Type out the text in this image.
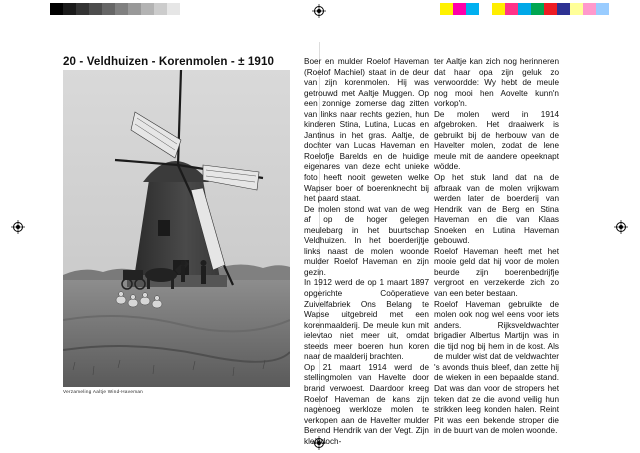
20 - Veldhuizen - Korenmolen - ± 1910
Verzameling Aaltje Wind-Haveman

Boer en mulder Roelof Haveman (Roelof Machiel) staat in de deur van zijn korenmolen. Hij was getrouwd met Aaltje Muggen. Op een zonnige zomerse dag zitten van links naar rechts gezien, hun kinderen Stina, Lutina, Lucas en Jantinus in het gras. Aaltje, de dochter van Lucas Haveman en Roelofje Barelds en de huidige eigenares van deze echt unieke foto heeft nooit geweten welke Wapser boer of boerenknecht bij het paard staat.

De molen stond wat van de weg af op de hoger gelegen meulebarg in het buurtschap Veldhuizen. In het boerderijtje links naast de molen woonde mulder Roelof Haveman en zijn gezin.

In 1912 werd de op 1 maart 1897 opgerichte Coöperatieve Zuivelfabriek Ons Belang te Wapse uitgebreid met een korenmaalderij. De meule kun mit ielevtao niet meer uit, omdat steeds meer boeren hun koren naar de maalderij brachten.

Op 21 maart 1914 werd de stellingmolen van Havelte door brand verwoest. Daardoor kreeg Roelof Haveman de kans zijn nagenoeg werkloze molen te verkopen aan de Havelter mulder Berend Hendrik van der Vegt. Zijn kleindoch-

ter Aaltje kan zich nog herinneren dat haar opa zijn geluk zo verwoordde: Wy hebt de meule nog mooi hen Aovelte kunn'n vorkop'n.

De molen werd in 1914 afgebroken. Het draaiwerk is gebruikt bij de herbouw van de Havelter molen, zodat de lene meule mit de aandere opeeknapt wödde.

Op het stuk land dat na de afbraak van de molen vrijkwam werden later de boerderij van Hendrik van de Berg en Stina Haveman en die van Klaas Snoeken en Lutina Haveman gebouwd.

Roelof Haveman heeft met het mooie geld dat hij voor de molen beurde zijn boerenbedrijfje vergroot en verzekerde zich zo van een beter bestaan.

Roelof Haveman gebruikte de molen ook nog wel eens voor iets anders. Rijksveldwachter brigadier Albertus Martijn was in die tijd nog bij hem in de kost. Als de mulder wist dat de veldwachter 's avonds thuis bleef, dan zette hij de wieken in een bepaalde stand. Dat was dan voor de stropers het teken dat ze die avond veilig hun strikken leeg konden halen. Reint Pit was een bekende stroper die in de buurt van de molen woonde.
